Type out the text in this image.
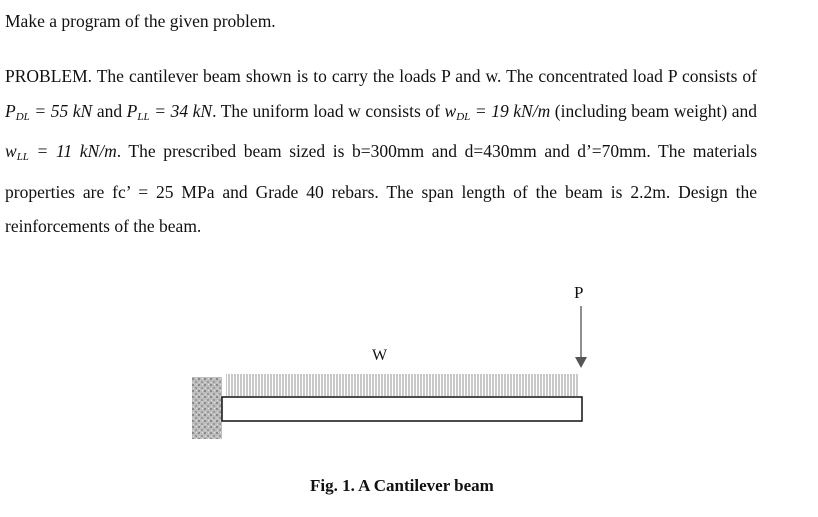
Make a program of the given problem.
PROBLEM. The cantilever beam shown is to carry the loads P and w. The concentrated load P consists of $P_{DL} = 55$ kN and $P_{LL} = 34$ kN. The uniform load w consists of $w_{DL} = 19$ kN/m (including beam weight) and $w_{LL} = 11$ kN/m. The prescribed beam sized is b=300mm and d=430mm and d’=70mm. The materials properties are fc’ = 25 MPa and Grade 40 rebars. The span length of the beam is 2.2m. Design the reinforcements of the beam.
W
P
Fig. 1. A Cantilever beam
